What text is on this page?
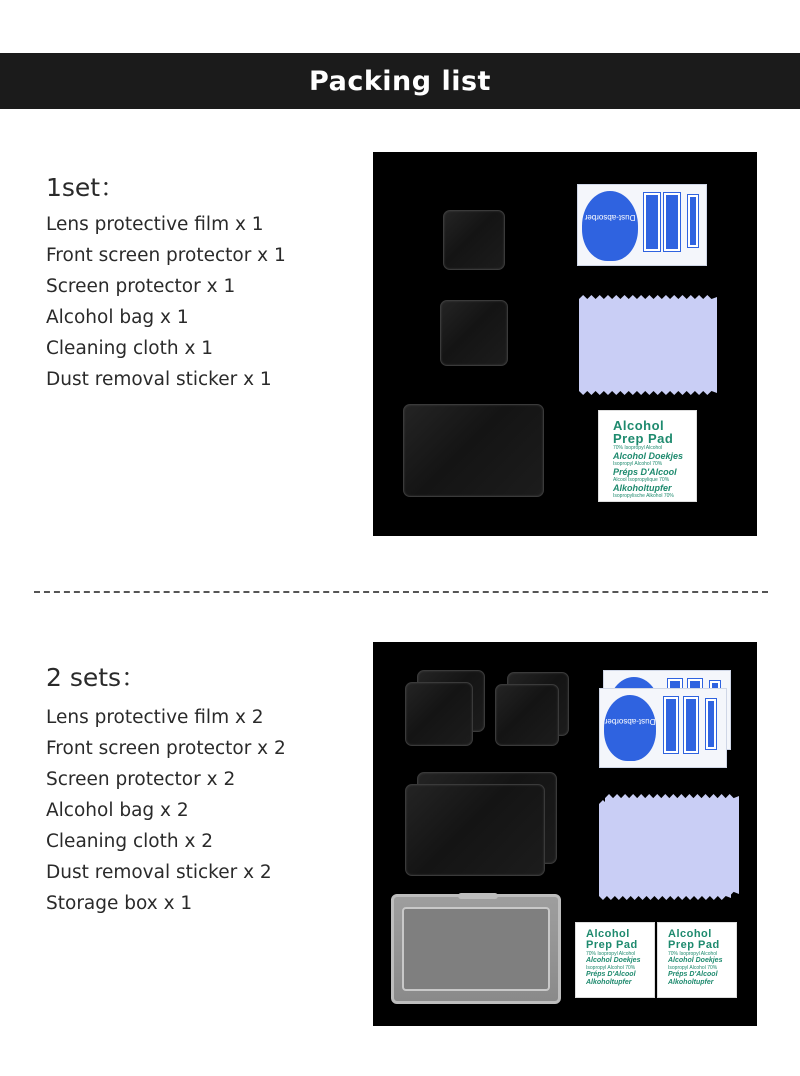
Packing list
1set：
Lens protective film x 1
Front screen protector x 1
Screen protector x 1
Alcohol bag x 1
Cleaning cloth x 1
Dust removal sticker x 1
Dust-absorber
Alcohol
Prep Pad
70% Isopropyl Alcohol
Alcohol Doekjes
Isopropyl Alcohol 70%
Préps D'Alcool
Alcool Isopropylique 70%
Alkoholtupfer
Isopropylische Alkohol 70%
2 sets：
Lens protective film x 2
Front screen protector x 2
Screen protector x 2
Alcohol bag x 2
Cleaning cloth x 2
Dust removal sticker x 2
Storage box x 1
Dust-absorber
Alcohol
Prep Pad
70% Isopropyl Alcohol
Alcohol Doekjes
Isopropyl Alcohol 70%
Préps D'Alcool
Alkoholtupfer
Alcohol
Prep Pad
70% Isopropyl Alcohol
Alcohol Doekjes
Isopropyl Alcohol 70%
Préps D'Alcool
Alkoholtupfer
